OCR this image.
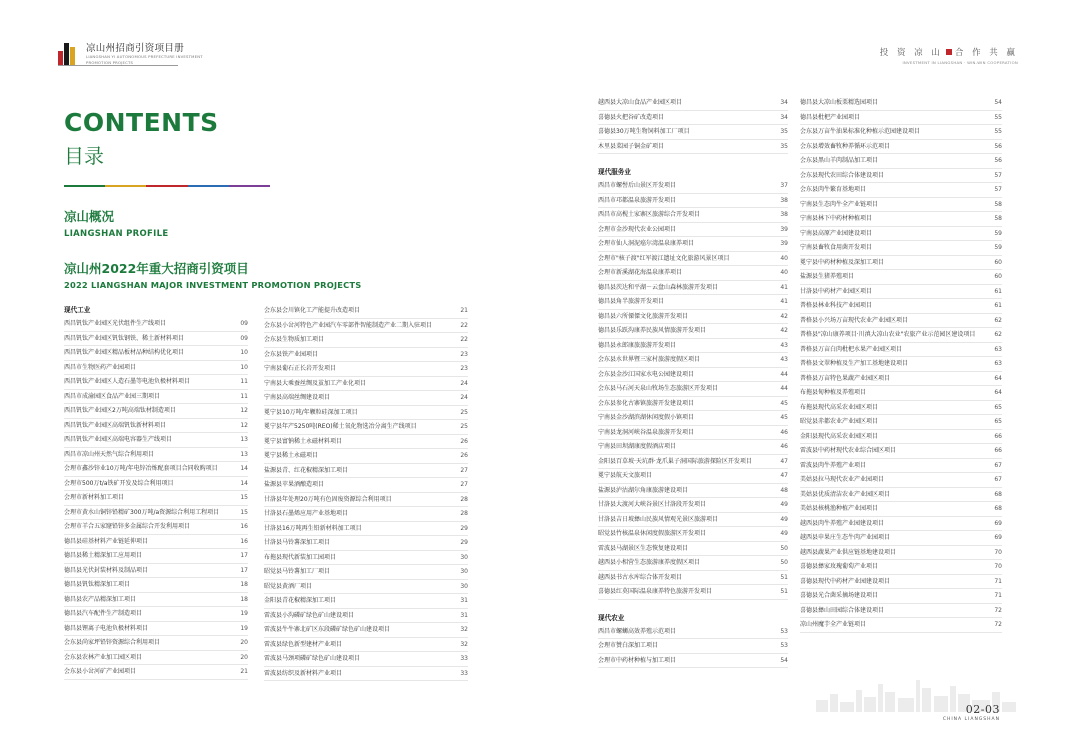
凉山州招商引资项目册
LIANGSHAN YI AUTONOMOUS PREFECTURE INVESTMENT
PROMOTION PROJECTS
投 资 凉 山 合 作 共 赢
INVESTMENT IN LIANGSHAN · WIN-WIN COOPERATION
CONTENTS
目录
凉山概况
LIANGSHAN PROFILE
凉山州2022年重大招商引资项目
2022 LIANGSHAN MAJOR INVESTMENT PROMOTION PROJECTS
现代工业
西昌钒钛产业园区光伏组件生产线项目	09
西昌钒钛产业园区钒钛钢铁、稀土新材料项目	09
西昌钒钛产业园区精品板材品种结构优化项目	10
西昌市生物医药产业园项目	10
西昌钒钛产业园区人造石墨等电池负极材料项目	11
西昌市成渝园区食品产业园三期项目	11
西昌钒钛产业园区2万吨高端钛材制造项目	12
西昌钒钛产业园区高端钒钛新材料项目	12
西昌钒钛产业园区高端电容器生产线项目	13
西昌市凉山州天然气综合利用项目	13
会理市鑫沙锌业10万吨/年电锌冶炼配套项目合同收购项目	14
会理市500万t/a铁矿开发及综合利用项目	14
会理市新材料加工项目	15
会理市黄水山铜锌铅精矿300万吨/a资源综合利用工程项目	15
会理市羊合五家窿铅锌多金属综合开发利用项目	16
德昌县硅基材料产业链延伸项目	16
德昌县稀土精深加工应用项目	17
德昌县光伏封装材料及制品项目	17
德昌县钒钛精深加工项目	18
德昌县农产品精深加工项目	18
德昌县汽车配件生产制造项目	19
德昌县锂离子电池负极材料项目	19
会东县尚家坪铅锌资源综合利用项目	20
会东县农林产业加工园区项目	20
会东县小岔河矿产业园项目	21
会东县会川镇化工产能提升改造项目	21
会东县小岔河特色产业园汽车零部件智能制造产业二期入驻项目	22
会东县生物质加工项目	22
会东县铁产业园项目	23
宁南县葡石正长岩开发项目	23
宁南县大乘蚕丝绸及茧加工产业化项目	24
宁南县高端丝绸建设项目	24
冕宁县10万吨/年颗粒硅深加工项目	25
冕宁县年产5250吨(REO)稀土氧化物选冶分离生产线项目	25
冕宁县富钠稀土永磁材料项目	26
冕宁县稀土永磁项目	26
盐源县青、红花椒精深加工项目	27
盐源县苹果酒酿造项目	27
甘洛县年处理20万吨有色固废资源综合利用项目	28
甘洛县石墨烯应用产业基地项目	28
甘洛县16万吨再生铅新材料加工项目	29
甘洛县马铃薯深加工项目	29
布拖县现代新装加工园项目	30
昭觉县马铃薯加工厂项目	30
昭觉县黄酒厂项目	30
金阳县青花椒精深加工项目	31
雷波县小沟磷矿绿色矿山建设项目	31
雷波县牛牛寨北矿区东段磷矿绿色矿山建设项目	32
雷波县绿色新型建材产业项目	32
雷波县马颈项磷矿绿色矿山建设项目	33
雷波县纺织及新材料产业项目	33
越西县大凉山食品产业园区项目	34
喜德县火把谷矿改造项目	34
喜德县30万吨生物饲料加工厂项目	35
木里县菜园子铜金矿项目	35
现代服务业
西昌市螺髻后山景区开发项目	37
西昌市邛都温泉旅游开发项目	38
西昌市高枧土家寨区旅游综合开发项目	38
会理市金沙现代农业公园项目	39
会理市仙人洞泥癌尔湾温泉康养项目	39
会理市"核子渡"红军渡江遗址文化旅游风景区项目	40
会理市新溪湖花海温泉康养项目	40
德昌县茨达和平湖－云盘山森林旅游开发项目	41
德昌县角半旅游开发项目	41
德昌县六所傈僳文化旅游开发项目	42
德昌县乐跃沟康养民族风情旅游开发项目	42
德昌县永郎康旅旅游开发项目	43
会东县水世界暨三家村旅游度假区项目	43
会东县金沙江国家水电公园建设项目	44
会东县马石河天泉山牧场生态旅游区开发项目	44
会东县参化古寨镇旅游开发建设项目	45
宁南县金沙湖滨湖休闲度假小镇项目	45
宁南县龙洞河峡谷温泉旅游开发项目	46
宁南县田坝湖康度假酒店项目	46
金阳县百草坡·天坑群·龙爪巢子洞国际旅游探险区开发项目	47
冕宁县航天文旅项目	47
盐源县泸沽湖尔角康旅游建设项目	48
甘洛县大渡河大峡谷景区甘洛段开发项目	49
甘洛县吉日坡彝山民族风情观光景区旅游项目	49
昭觉县竹核温泉休闲度假旅游区开发项目	49
雷波县马湖景区生态恢复建设项目	50
越西县小相营生态旅游康养度假区项目	50
越西县书古水库综合体开发项目	51
喜德县红莫国际温泉康养特色旅游开发项目	51
现代农业
西昌市螺蛳高效养殖示范项目	53
会理市赞白深加工项目	53
会理市中药材种植与加工项目	54
德昌县大凉山板栗精选园项目	54
德昌县枇杷产业园项目	55
会东县万亩牛油果标准化种植示范园建设项目	55
会东县增效畜牧种养循环示范项目	56
会东县黑山羊肉制品加工项目	56
会东县现代农田综合体建设项目	57
会东县肉牛繁育基地项目	57
宁南县生态肉牛全产业链项目	58
宁南县林下中药材种植项目	58
宁南县高原产业园建设项目	59
宁南县畜牧食用菌开发项目	59
冕宁县中药材种植及深加工项目	60
盐源县生猪养殖项目	60
甘洛县中药材产业园区项目	61
普格县林业科技产业园项目	61
普格县小兴场万亩现代农业产业园区项目	62
普格县"凉山康养项目·川滇大凉山农业"农旅产业示范园区建设项目	62
普格县万亩白肉枇杷水果产业园区项目	63
普格县文翠种植及生产加工基地建设项目	63
普格县万亩特色果蔬产业园区项目	64
布拖县甸种植及养殖项目	64
布拖县现代高采农业园区项目	65
昭觉县赤都农业产业园区项目	65
金阳县现代高采农业园区项目	66
雷波县中药材现代农业综合园区项目	66
雷波县肉牛养殖产业项目	67
美姑县拉马现代农业产业园项目	67
美姑县优质清洁农业产业园区项目	68
美姑县核桃渔种植产业园项目	68
越西县肉牛养殖产业园建设项目	69
越西县申果庄生态牛肉产业园项目	69
越西县蔬果产业供应链基地建设项目	70
喜德县彝家玫瑰葡萄产业项目	70
喜德县现代中药材产业园建设项目	71
喜德县光合菌采摘场建设项目	71
喜德县彝山田园综合体建设项目	72
凉山州魔芋全产业链项目	72
02-03
CHINA LIANGSHAN
